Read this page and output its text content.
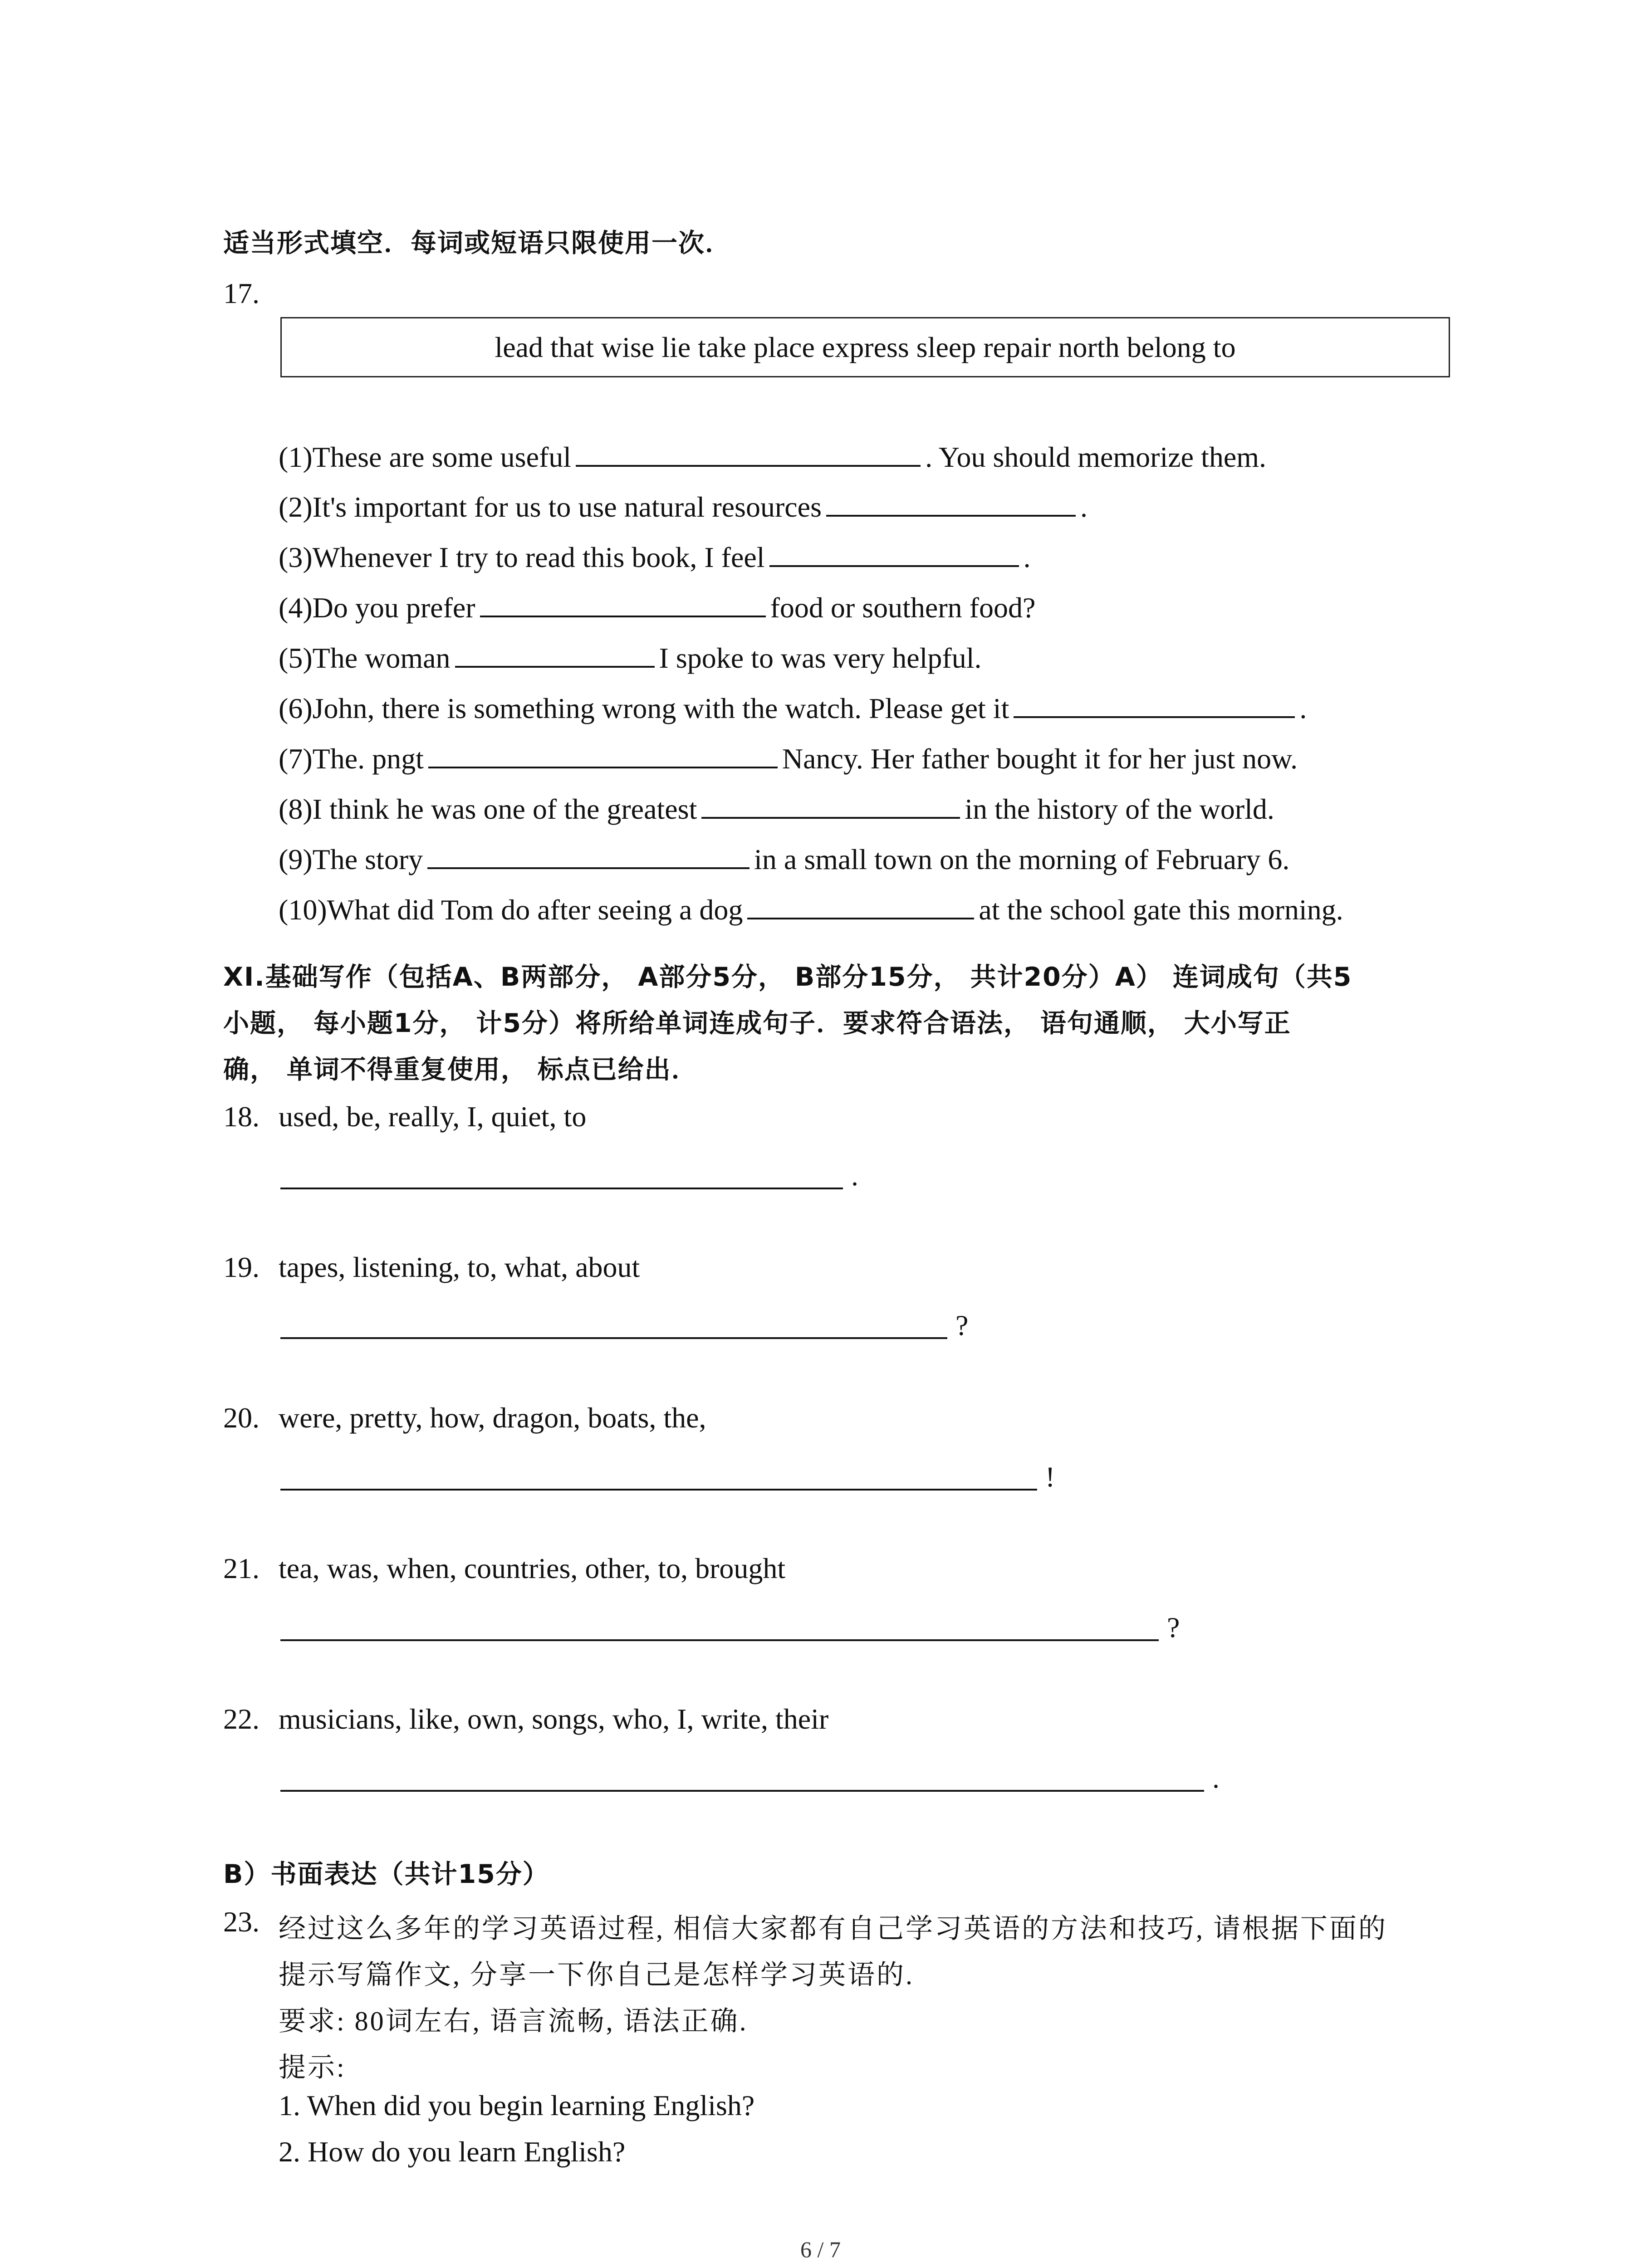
适当形式填空．每词或短语只限使用一次．
17.
lead that wise lie take place express sleep repair north belong to
(1)These are some useful	. You should memorize them.
(2)It's important for us to use natural resources	.
(3)Whenever I try to read this book, I feel	.
(4)Do you prefer	food or southern food?
(5)The woman	I spoke to was very helpful.
(6)John, there is something wrong with the watch. Please get it	.
(7)The. pngt	Nancy. Her father bought it for her just now.
(8)I think he was one of the greatest	in the history of the world.
(9)The story	in a small town on the morning of February 6.
(10)What did Tom do after seeing a dog	at the school gate this morning.
XI.基础写作（包括A、B两部分， A部分5分， B部分15分， 共计20分）A） 连词成句（共5
小题， 每小题1分， 计5分）将所给单词连成句子．要求符合语法， 语句通顺， 大小写正
确， 单词不得重复使用， 标点已给出．
18. used, be, really, I, quiet, to
.
19. tapes, listening, to, what, about
?
20. were, pretty, how, dragon, boats, the,
!
21. tea, was, when, countries, other, to, brought
?
22. musicians, like, own, songs, who, I, write, their
.
B）书面表达（共计15分）
23. 经过这么多年的学习英语过程, 相信大家都有自己学习英语的方法和技巧, 请根据下面的
提示写篇作文, 分享一下你自己是怎样学习英语的.
要求: 80词左右, 语言流畅, 语法正确.
提示:
1. When did you begin learning English?
2. How do you learn English?
6 / 7
